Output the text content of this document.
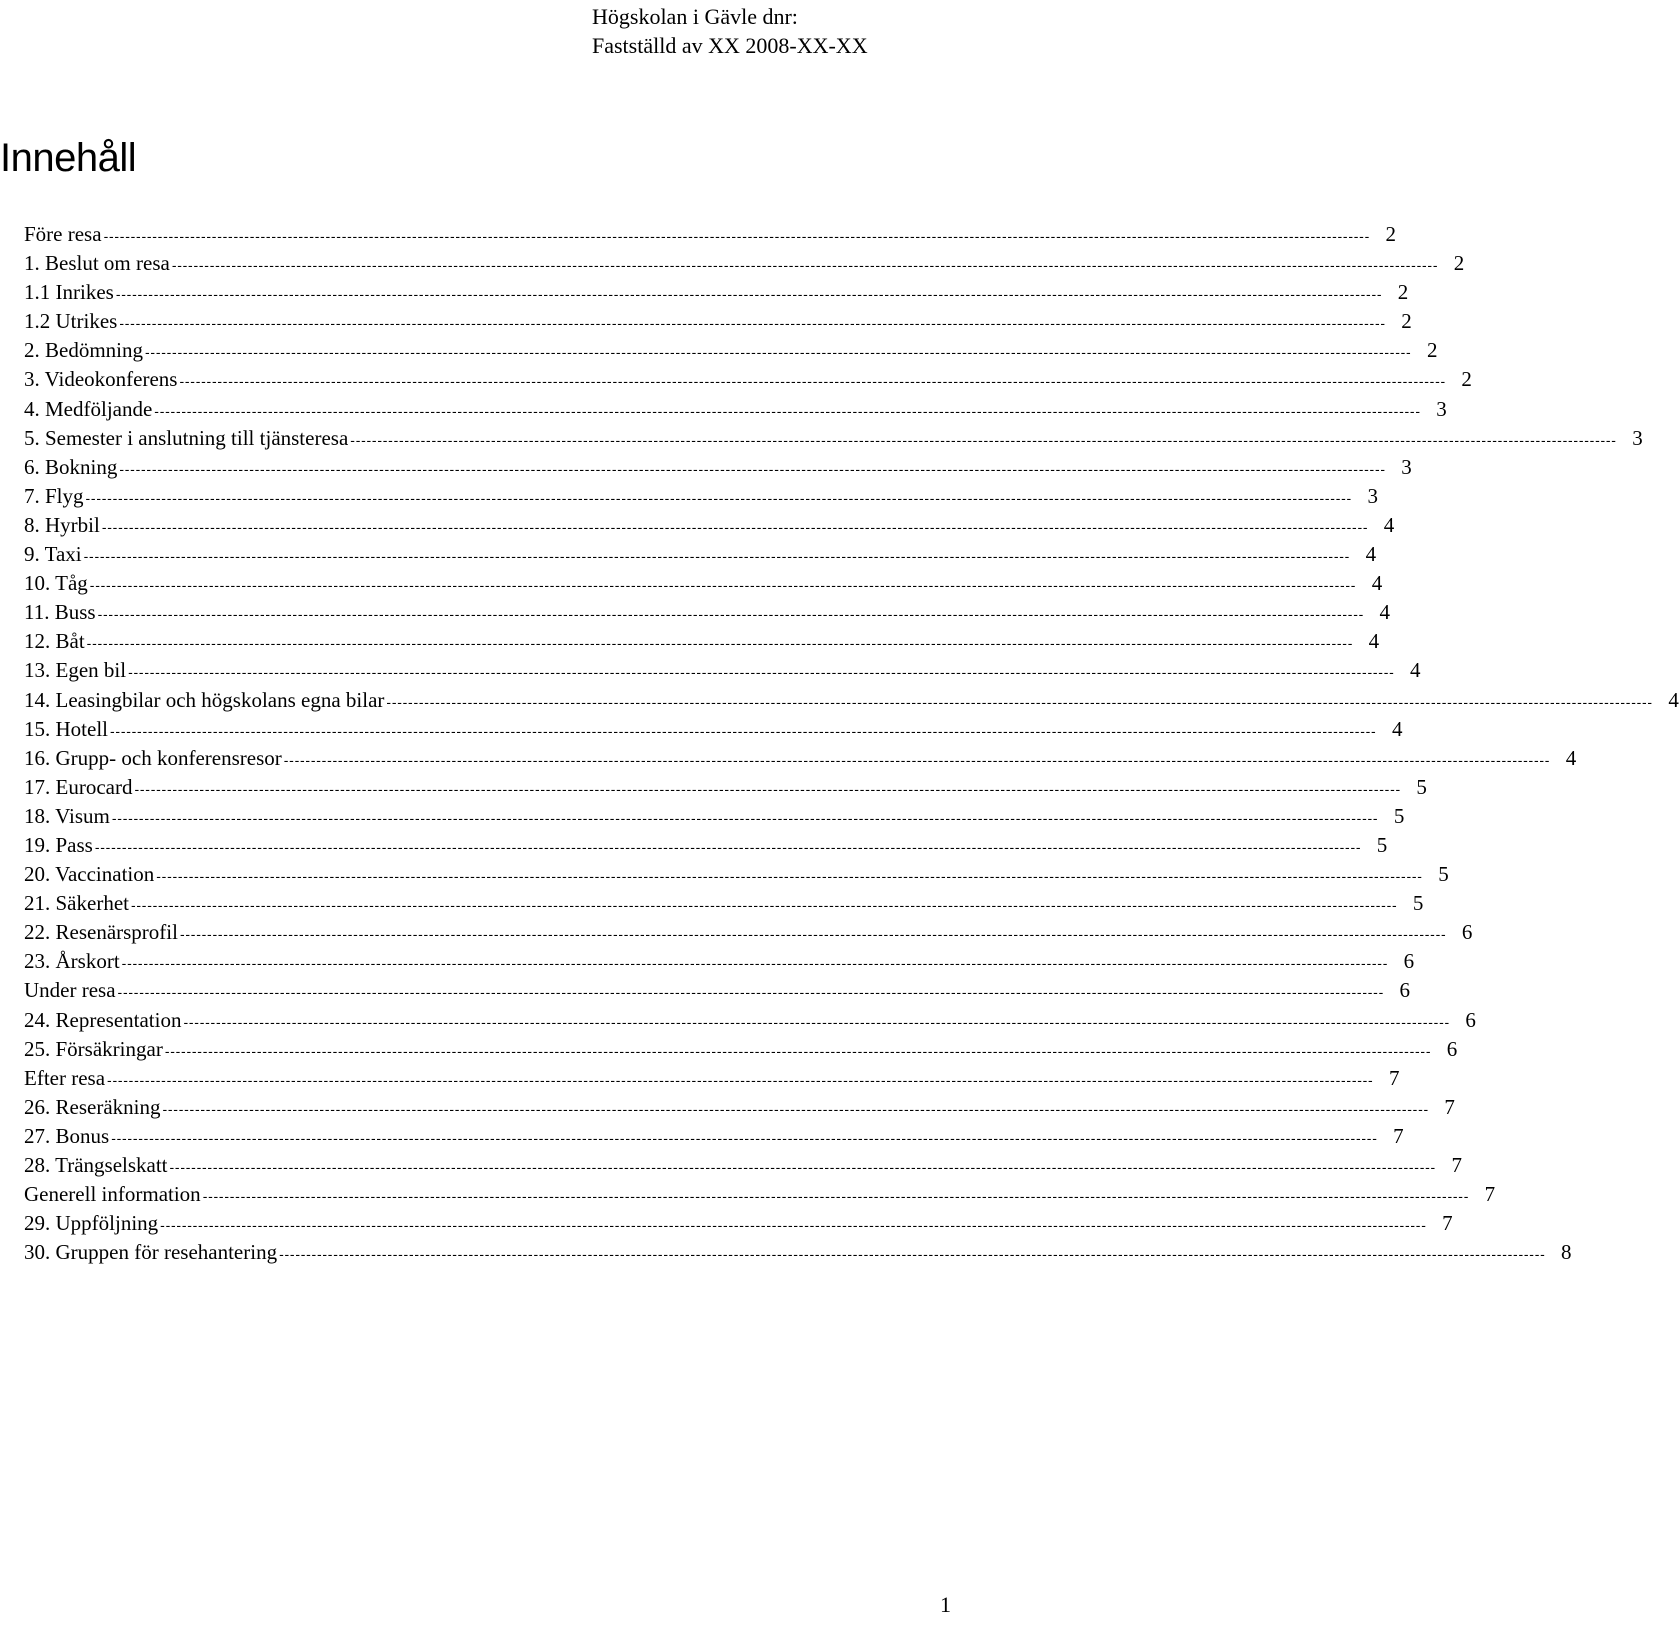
Högskolan i Gävle dnr:
Fastställd av XX 2008-XX-XX
Innehåll
Före resa ------------------------------------------------------------------------------------------------------------------------------------------------------------------------------------------------------------------------------------------ 2
1. Beslut om resa ------------------------------------------------------------------------------------------------------------------------------------------------------------------------------------------------------------------------------------------ 2
1.1 Inrikes ------------------------------------------------------------------------------------------------------------------------------------------------------------------------------------------------------------------------------------------ 2
1.2 Utrikes ------------------------------------------------------------------------------------------------------------------------------------------------------------------------------------------------------------------------------------------ 2
2. Bedömning ------------------------------------------------------------------------------------------------------------------------------------------------------------------------------------------------------------------------------------------ 2
3. Videokonferens ------------------------------------------------------------------------------------------------------------------------------------------------------------------------------------------------------------------------------------------ 2
4. Medföljande ------------------------------------------------------------------------------------------------------------------------------------------------------------------------------------------------------------------------------------------ 3
5. Semester i anslutning till tjänsteresa ------------------------------------------------------------------------------------------------------------------------------------------------------------------------------------------------------------------------------------------ 3
6. Bokning ------------------------------------------------------------------------------------------------------------------------------------------------------------------------------------------------------------------------------------------ 3
7. Flyg ------------------------------------------------------------------------------------------------------------------------------------------------------------------------------------------------------------------------------------------ 3
8. Hyrbil ------------------------------------------------------------------------------------------------------------------------------------------------------------------------------------------------------------------------------------------ 4
9. Taxi ------------------------------------------------------------------------------------------------------------------------------------------------------------------------------------------------------------------------------------------ 4
10. Tåg ------------------------------------------------------------------------------------------------------------------------------------------------------------------------------------------------------------------------------------------ 4
11. Buss ------------------------------------------------------------------------------------------------------------------------------------------------------------------------------------------------------------------------------------------ 4
12. Båt ------------------------------------------------------------------------------------------------------------------------------------------------------------------------------------------------------------------------------------------ 4
13. Egen bil ------------------------------------------------------------------------------------------------------------------------------------------------------------------------------------------------------------------------------------------ 4
14. Leasingbilar och högskolans egna bilar ------------------------------------------------------------------------------------------------------------------------------------------------------------------------------------------------------------------------------------------ 4
15. Hotell ------------------------------------------------------------------------------------------------------------------------------------------------------------------------------------------------------------------------------------------ 4
16. Grupp- och konferensresor ------------------------------------------------------------------------------------------------------------------------------------------------------------------------------------------------------------------------------------------ 4
17. Eurocard ------------------------------------------------------------------------------------------------------------------------------------------------------------------------------------------------------------------------------------------ 5
18. Visum ------------------------------------------------------------------------------------------------------------------------------------------------------------------------------------------------------------------------------------------ 5
19. Pass ------------------------------------------------------------------------------------------------------------------------------------------------------------------------------------------------------------------------------------------ 5
20. Vaccination ------------------------------------------------------------------------------------------------------------------------------------------------------------------------------------------------------------------------------------------ 5
21. Säkerhet ------------------------------------------------------------------------------------------------------------------------------------------------------------------------------------------------------------------------------------------ 5
22. Resenärsprofil ------------------------------------------------------------------------------------------------------------------------------------------------------------------------------------------------------------------------------------------ 6
23. Årskort ------------------------------------------------------------------------------------------------------------------------------------------------------------------------------------------------------------------------------------------ 6
Under resa ------------------------------------------------------------------------------------------------------------------------------------------------------------------------------------------------------------------------------------------ 6
24. Representation ------------------------------------------------------------------------------------------------------------------------------------------------------------------------------------------------------------------------------------------ 6
25. Försäkringar ------------------------------------------------------------------------------------------------------------------------------------------------------------------------------------------------------------------------------------------ 6
Efter resa ------------------------------------------------------------------------------------------------------------------------------------------------------------------------------------------------------------------------------------------ 7
26. Reseräkning ------------------------------------------------------------------------------------------------------------------------------------------------------------------------------------------------------------------------------------------ 7
27. Bonus ------------------------------------------------------------------------------------------------------------------------------------------------------------------------------------------------------------------------------------------ 7
28. Trängselskatt ------------------------------------------------------------------------------------------------------------------------------------------------------------------------------------------------------------------------------------------ 7
Generell information ------------------------------------------------------------------------------------------------------------------------------------------------------------------------------------------------------------------------------------------ 7
29. Uppföljning ------------------------------------------------------------------------------------------------------------------------------------------------------------------------------------------------------------------------------------------ 7
30. Gruppen för resehantering ------------------------------------------------------------------------------------------------------------------------------------------------------------------------------------------------------------------------------------------ 8
1
